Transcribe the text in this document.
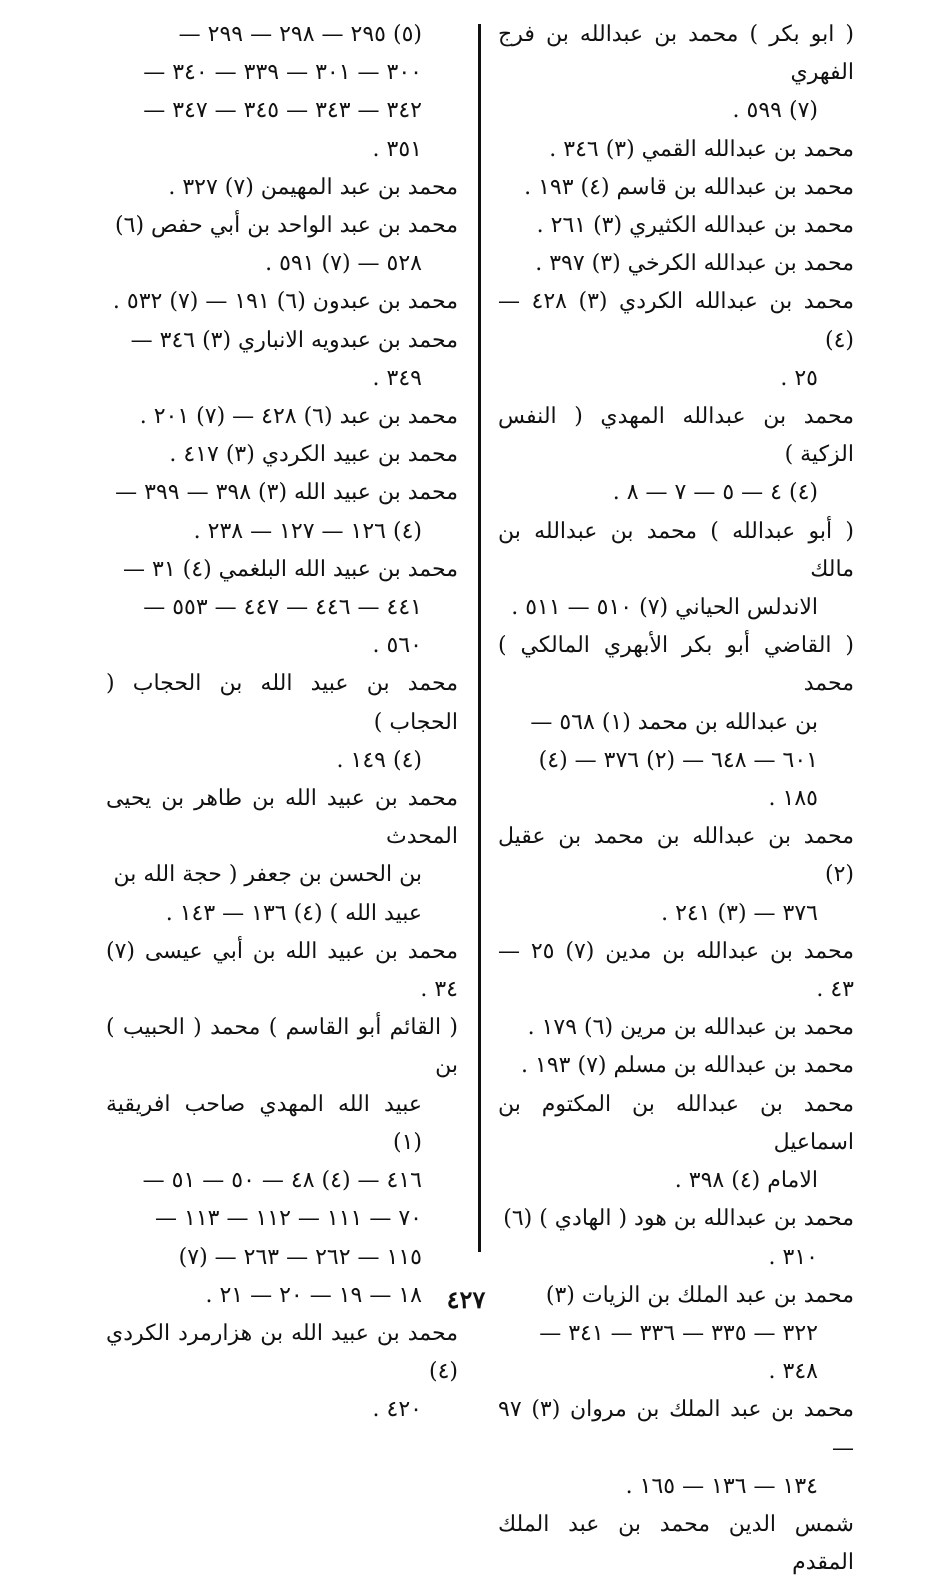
( ابو بكر ) محمد بن عبدالله بن فرج الفهري
(٧) ٥٩٩ .
محمد بن عبدالله القمي (٣) ٣٤٦ .
محمد بن عبدالله بن قاسم (٤) ١٩٣ .
محمد بن عبدالله الكثيري (٣) ٢٦١ .
محمد بن عبدالله الكرخي (٣) ٣٩٧ .
محمد بن عبدالله الكردي (٣) ٤٢٨ — (٤)
٢٥ .
محمد بن عبدالله المهدي ( النفس الزكية )
(٤) ٤ — ٥ — ٧ — ٨ .
( أبو عبدالله ) محمد بن عبدالله بن مالك
الاندلس الحياني (٧) ٥١٠ — ٥١١ .
( القاضي أبو بكر الأبهري المالكي ) محمد
بن عبدالله بن محمد (١) ٥٦٨ —
٦٠١ — ٦٤٨ — (٢) ٣٧٦ — (٤)
١٨٥ .
محمد بن عبدالله بن محمد بن عقيل (٢)
٣٧٦ — (٣) ٢٤١ .
محمد بن عبدالله بن مدين (٧) ٢٥ — ٤٣ .
محمد بن عبدالله بن مرين (٦) ١٧٩ .
محمد بن عبدالله بن مسلم (٧) ١٩٣ .
محمد بن عبدالله بن المكتوم بن اسماعيل
الامام (٤) ٣٩٨ .
محمد بن عبدالله بن هود ( الهادي ) (٦)
٣١٠ .
محمد بن عبد الملك بن الزيات (٣)
٣٢٢ — ٣٣٥ — ٣٣٦ — ٣٤١ —
٣٤٨ .
محمد بن عبد الملك بن مروان (٣) ٩٧ —
١٣٤ — ١٣٦ — ١٦٥ .
شمس الدين محمد بن عبد الملك المقدم
(٥) ٢٩٥ — ٢٩٨ — ٢٩٩ —
٣٠٠ — ٣٠١ — ٣٣٩ — ٣٤٠ —
٣٤٢ — ٣٤٣ — ٣٤٥ — ٣٤٧ —
٣٥١ .
محمد بن عبد المهيمن (٧) ٣٢٧ .
محمد بن عبد الواحد بن أبي حفص (٦)
٥٢٨ — (٧) ٥٩١ .
محمد بن عبدون (٦) ١٩١ — (٧) ٥٣٢ .
محمد بن عبدويه الانباري (٣) ٣٤٦ —
٣٤٩ .
محمد بن عبد (٦) ٤٢٨ — (٧) ٢٠١ .
محمد بن عبيد الكردي (٣) ٤١٧ .
محمد بن عبيد الله (٣) ٣٩٨ — ٣٩٩ —
(٤) ١٢٦ — ١٢٧ — ٢٣٨ .
محمد بن عبيد الله البلغمي (٤) ٣١ —
٤٤١ — ٤٤٦ — ٤٤٧ — ٥٥٣ —
٥٦٠ .
محمد بن عبيد الله بن الحجاب ( الحجاب )
(٤) ١٤٩ .
محمد بن عبيد الله بن طاهر بن يحيى المحدث
بن الحسن بن جعفر ( حجة الله بن
عبيد الله ) (٤) ١٣٦ — ١٤٣ .
محمد بن عبيد الله بن أبي عيسى (٧) ٣٤ .
( القائم أبو القاسم ) محمد ( الحبيب ) بن
عبيد الله المهدي صاحب افريقية (١)
٤١٦ — (٤) ٤٨ — ٥٠ — ٥١ —
٧٠ — ١١١ — ١١٢ — ١١٣ —
١١٥ — ٢٦٢ — ٢٦٣ — (٧)
١٨ — ١٩ — ٢٠ — ٢١ .
محمد بن عبيد الله بن هزارمرد الكردي (٤)
٤٢٠ .
٤٢٧
